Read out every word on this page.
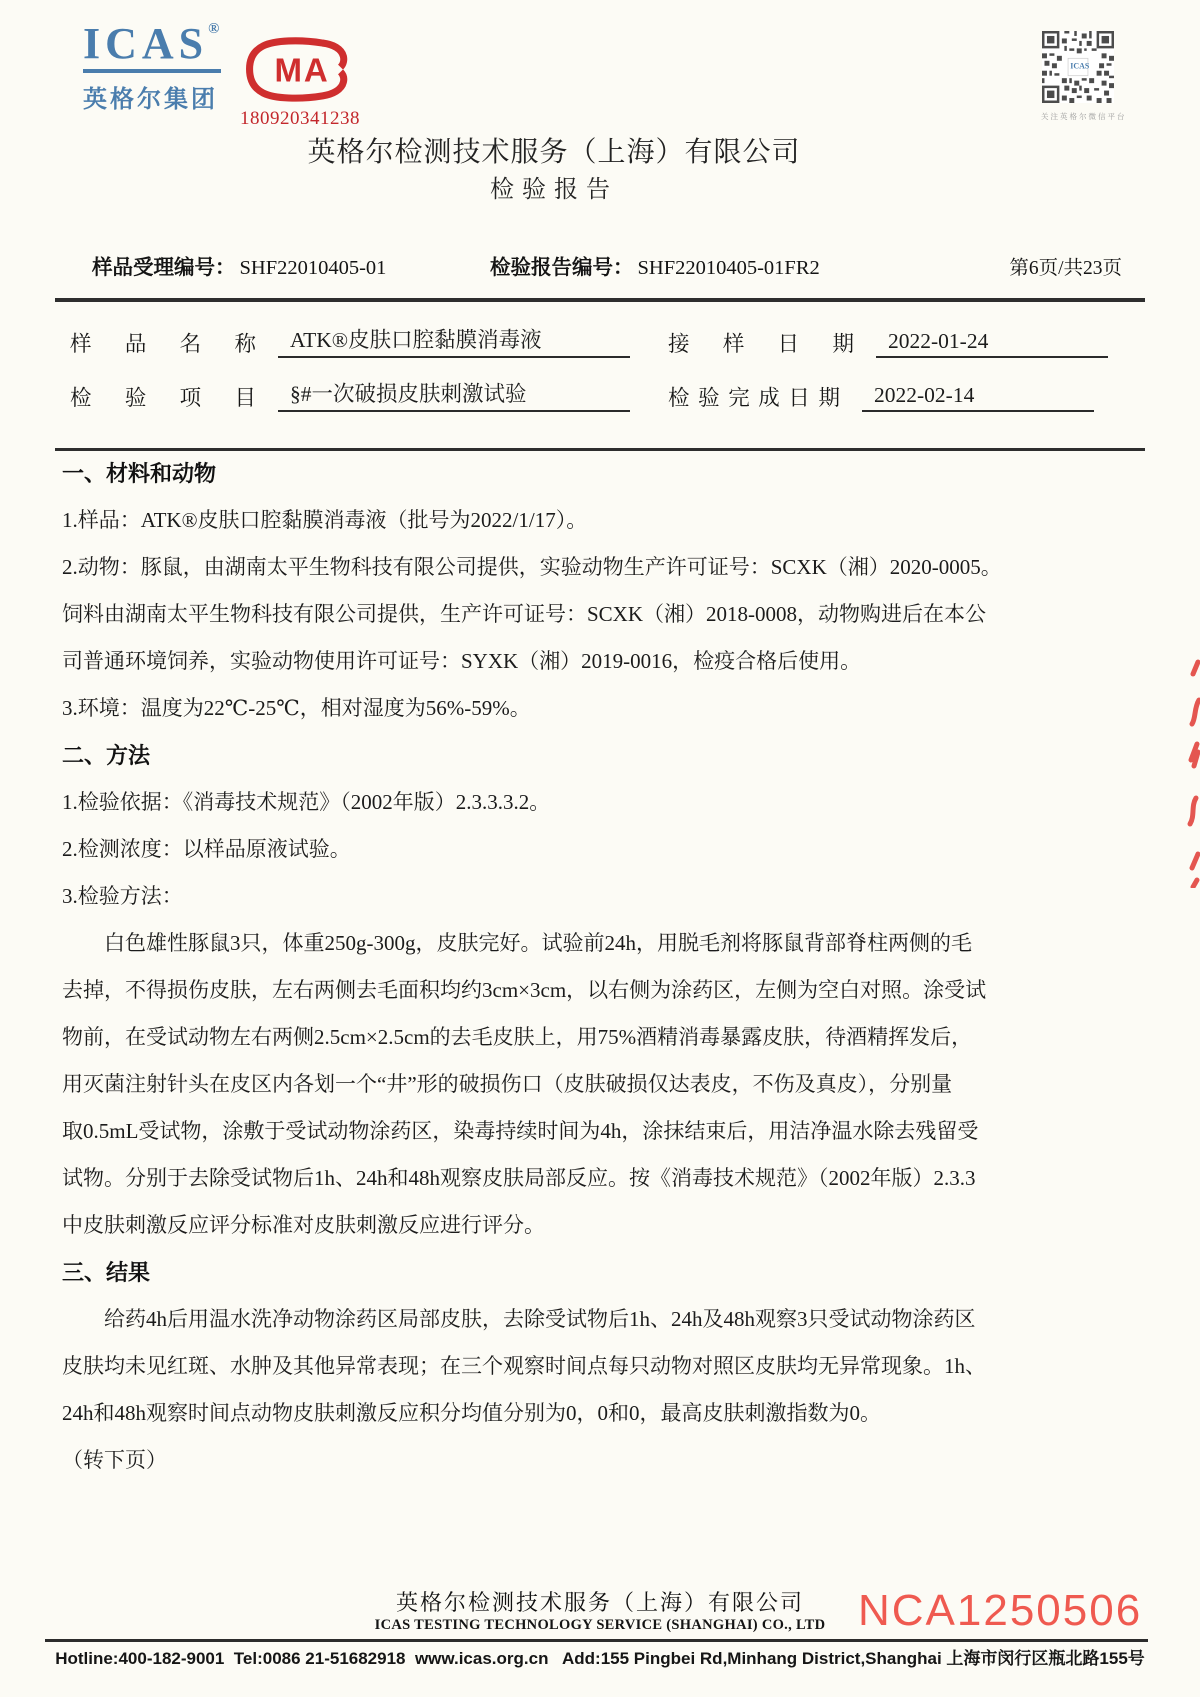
ICAS®
英格尔集团
MA
180920341238
ICAS
关注英格尔微信平台
英格尔检测技术服务（上海）有限公司
检验报告
样品受理编号： SHF22010405-01	检验报告编号： SHF22010405-01FR2	第6页/共23页
样品名称	ATK®皮肤口腔黏膜消毒液	接样日期	2022-01-24
检验项目	§#一次破损皮肤刺激试验	检验完成日期	2022-02-14
一、材料和动物
1.样品：ATK®皮肤口腔黏膜消毒液（批号为2022/1/17）。
2.动物：豚鼠，由湖南太平生物科技有限公司提供，实验动物生产许可证号：SCXK（湘）2020-0005。
饲料由湖南太平生物科技有限公司提供，生产许可证号：SCXK（湘）2018-0008，动物购进后在本公
司普通环境饲养，实验动物使用许可证号：SYXK（湘）2019-0016，检疫合格后使用。
3.环境：温度为22℃-25℃，相对湿度为56%-59%。
二、方法
1.检验依据：《消毒技术规范》（2002年版）2.3.3.3.2。
2.检测浓度：以样品原液试验。
3.检验方法：
白色雄性豚鼠3只，体重250g-300g，皮肤完好。试验前24h，用脱毛剂将豚鼠背部脊柱两侧的毛
去掉，不得损伤皮肤，左右两侧去毛面积均约3cm×3cm，以右侧为涂药区，左侧为空白对照。涂受试
物前，在受试动物左右两侧2.5cm×2.5cm的去毛皮肤上，用75%酒精消毒暴露皮肤，待酒精挥发后，
用灭菌注射针头在皮区内各划一个“井”形的破损伤口（皮肤破损仅达表皮，不伤及真皮），分别量
取0.5mL受试物，涂敷于受试动物涂药区，染毒持续时间为4h，涂抹结束后，用洁净温水除去残留受
试物。分别于去除受试物后1h、24h和48h观察皮肤局部反应。按《消毒技术规范》（2002年版）2.3.3
中皮肤刺激反应评分标准对皮肤刺激反应进行评分。
三、结果
给药4h后用温水洗净动物涂药区局部皮肤，去除受试物后1h、24h及48h观察3只受试动物涂药区
皮肤均未见红斑、水肿及其他异常表现；在三个观察时间点每只动物对照区皮肤均无异常现象。1h、
24h和48h观察时间点动物皮肤刺激反应积分均值分别为0，0和0，最高皮肤刺激指数为0。
（转下页）
英格尔检测技术服务（上海）有限公司
ICAS TESTING TECHNOLOGY SERVICE (SHANGHAI) CO., LTD NCA1250506
Hotline:400-182-9001  Tel:0086 21-51682918  www.icas.org.cn   Add:155 Pingbei Rd,Minhang District,Shanghai 上海市闵行区瓶北路155号
